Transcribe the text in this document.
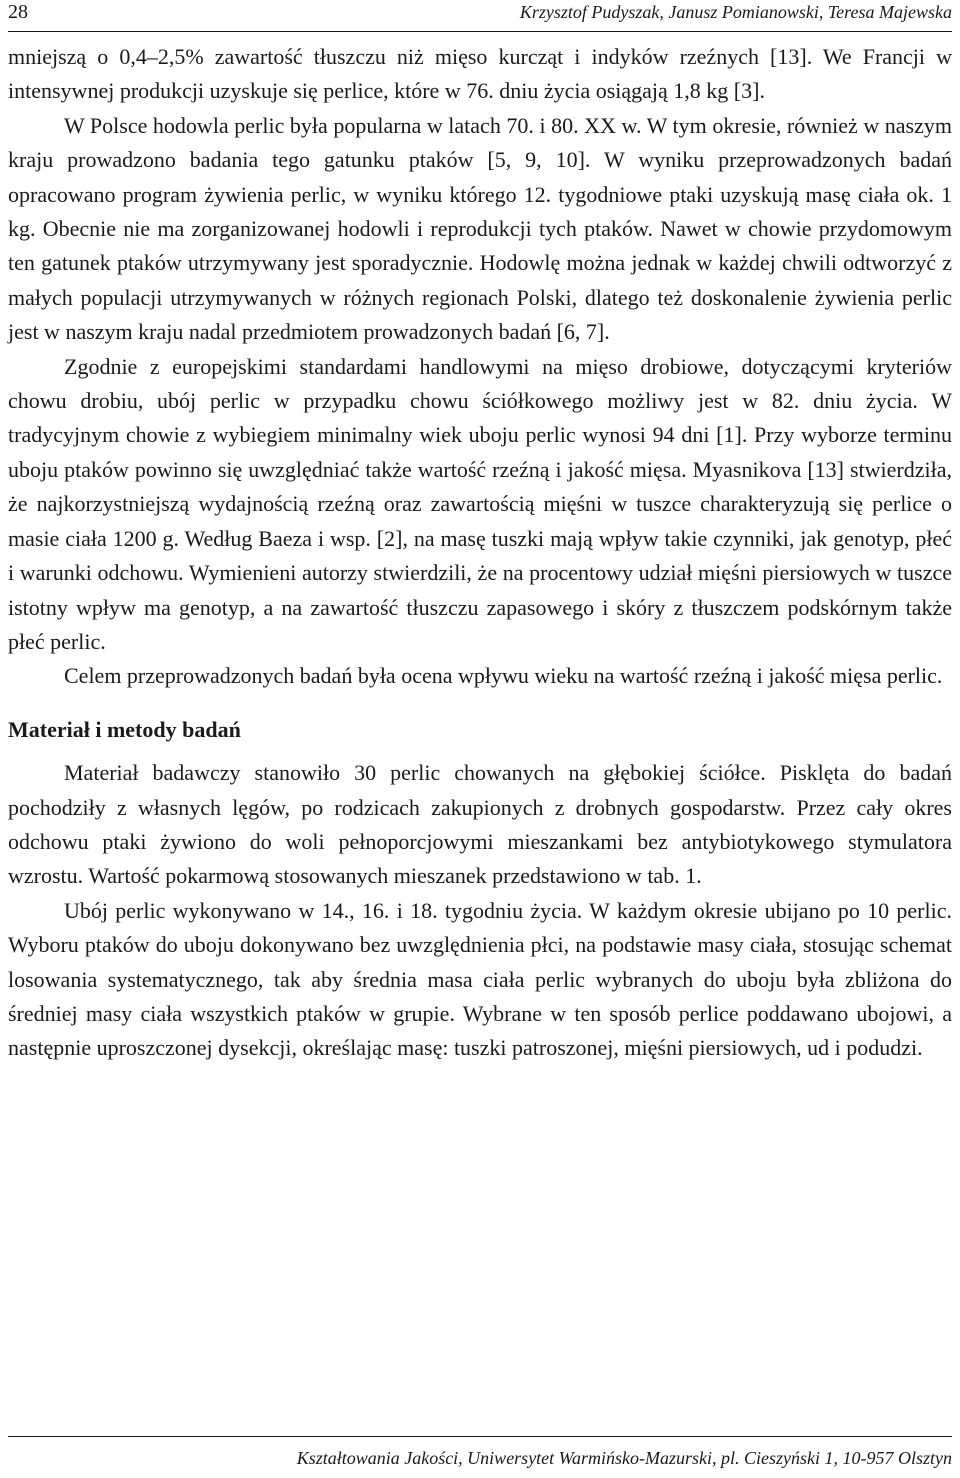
28	Krzysztof Pudyszak, Janusz Pomianowski, Teresa Majewska

mniejszą o 0,4–2,5% zawartość tłuszczu niż mięso kurcząt i indyków rzeźnych [13]. We Francji w intensywnej produkcji uzyskuje się perlice, które w 76. dniu życia osiągają 1,8 kg [3].

W Polsce hodowla perlic była popularna w latach 70. i 80. XX w. W tym okresie, również w naszym kraju prowadzono badania tego gatunku ptaków [5, 9, 10]. W wyniku przeprowadzonych badań opracowano program żywienia perlic, w wyniku którego 12. tygodniowe ptaki uzyskują masę ciała ok. 1 kg. Obecnie nie ma zorganizowanej hodowli i reprodukcji tych ptaków. Nawet w chowie przydomowym ten gatunek ptaków utrzymywany jest sporadycznie. Hodowlę można jednak w każdej chwili odtworzyć z małych populacji utrzymywanych w różnych regionach Polski, dlatego też doskonalenie żywienia perlic jest w naszym kraju nadal przedmiotem prowadzonych badań [6, 7].

Zgodnie z europejskimi standardami handlowymi na mięso drobiowe, dotyczącymi kryteriów chowu drobiu, ubój perlic w przypadku chowu ściółkowego możliwy jest w 82. dniu życia. W tradycyjnym chowie z wybiegiem minimalny wiek uboju perlic wynosi 94 dni [1]. Przy wyborze terminu uboju ptaków powinno się uwzględniać także wartość rzeźną i jakość mięsa. Myasnikova [13] stwierdziła, że najkorzystniejszą wydajnością rzeźną oraz zawartością mięśni w tuszce charakteryzują się perlice o masie ciała 1200 g. Według Baeza i wsp. [2], na masę tuszki mają wpływ takie czynniki, jak genotyp, płeć i warunki odchowu. Wymienieni autorzy stwierdzili, że na procentowy udział mięśni piersiowych w tuszce istotny wpływ ma genotyp, a na zawartość tłuszczu zapasowego i skóry z tłuszczem podskórnym także płeć perlic.

Celem przeprowadzonych badań była ocena wpływu wieku na wartość rzeźną i jakość mięsa perlic.

Materiał i metody badań

Materiał badawczy stanowiło 30 perlic chowanych na głębokiej ściółce. Pisklęta do badań pochodziły z własnych lęgów, po rodzicach zakupionych z drobnych gospodarstw. Przez cały okres odchowu ptaki żywiono do woli pełnoporcjowymi mieszankami bez antybiotykowego stymulatora wzrostu. Wartość pokarmową stosowanych mieszanek przedstawiono w tab. 1.

Ubój perlic wykonywano w 14., 16. i 18. tygodniu życia. W każdym okresie ubijano po 10 perlic. Wyboru ptaków do uboju dokonywano bez uwzględnienia płci, na podstawie masy ciała, stosując schemat losowania systematycznego, tak aby średnia masa ciała perlic wybranych do uboju była zbliżona do średniej masy ciała wszystkich ptaków w grupie. Wybrane w ten sposób perlice poddawano ubojowi, a następnie uproszczonej dysekcji, określając masę: tuszki patroszonej, mięśni piersiowych, ud i podudzi.

Kształtowania Jakości, Uniwersytet Warmińsko-Mazurski, pl. Cieszyński 1, 10-957 Olsztyn
